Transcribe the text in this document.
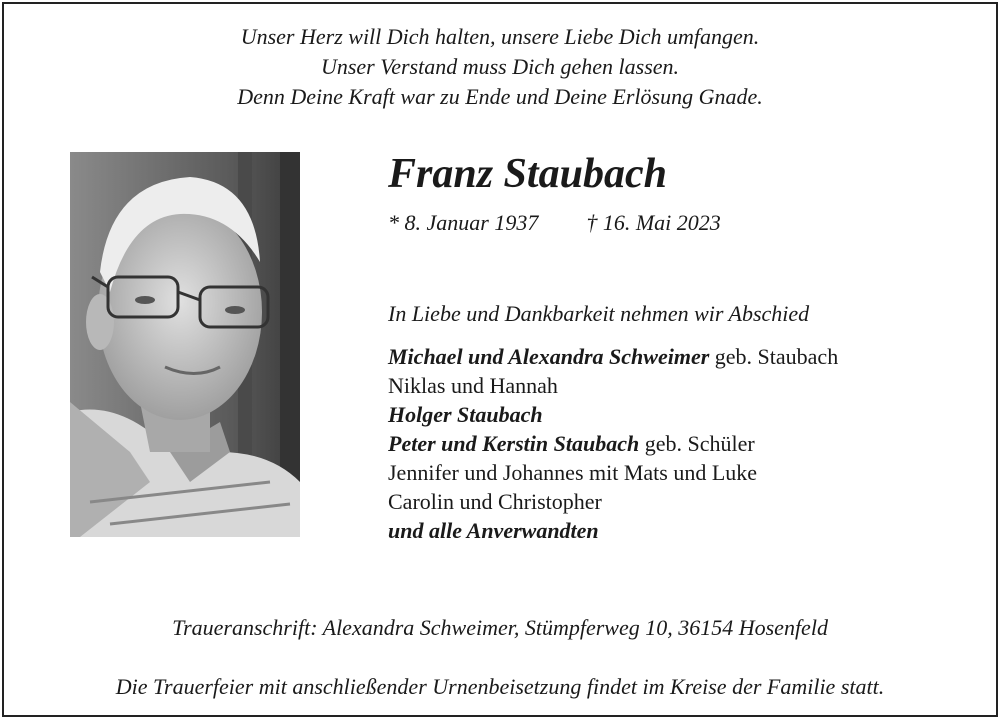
Unser Herz will Dich halten, unsere Liebe Dich umfangen.
Unser Verstand muss Dich gehen lassen.
Denn Deine Kraft war zu Ende und Deine Erlösung Gnade.
Franz Staubach
* 8. Januar 1937 † 16. Mai 2023
In Liebe und Dankbarkeit nehmen wir Abschied
Michael und Alexandra Schweimer geb. Staubach
Niklas und Hannah
Holger Staubach
Peter und Kerstin Staubach geb. Schüler
Jennifer und Johannes mit Mats und Luke
Carolin und Christopher
und alle Anverwandten
Traueranschrift: Alexandra Schweimer, Stümpferweg 10, 36154 Hosenfeld
Die Trauerfeier mit anschließender Urnenbeisetzung findet im Kreise der Familie statt.
